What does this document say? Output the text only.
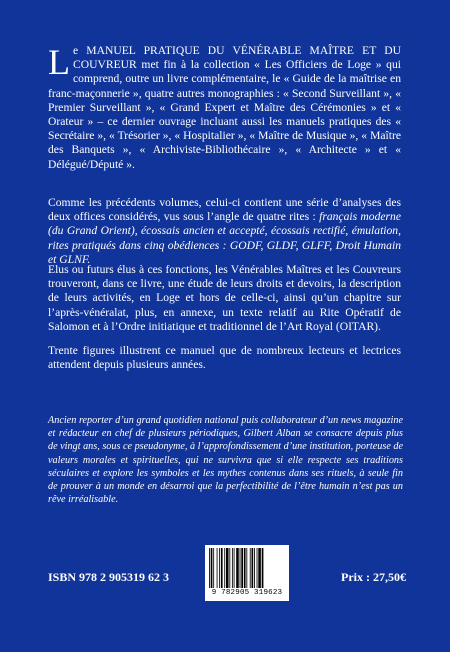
Le MANUEL PRATIQUE DU VÉNÉRABLE MAÎTRE ET DU COUVREUR met fin à la collection « Les Officiers de Loge » qui comprend, outre un livre complémentaire, le « Guide de la maîtrise en franc-maçonnerie », quatre autres monographies : « Second Surveillant », « Premier Surveillant », « Grand Expert et Maître des Cérémonies » et « Orateur » – ce dernier ouvrage incluant aussi les manuels pratiques des « Secrétaire », « Trésorier », « Hospitalier », « Maître de Musique », « Maître des Banquets », « Archiviste-Bibliothécaire », « Architecte » et « Délégué/Député ».

Comme les précédents volumes, celui-ci contient une série d’analyses des deux offices considérés, vus sous l’angle de quatre rites : français moderne (du Grand Orient), écossais ancien et accepté, écossais rectifié, émulation, rites pratiqués dans cinq obédiences : GODF, GLDF, GLFF, Droit Humain et GLNF.

Elus ou futurs élus à ces fonctions, les Vénérables Maîtres et les Couvreurs trouveront, dans ce livre, une étude de leurs droits et devoirs, la description de leurs activités, en Loge et hors de celle-ci, ainsi qu’un chapitre sur l’après-vénéralat, plus, en annexe, un texte relatif au Rite Opératif de Salomon et à l’Ordre initiatique et traditionnel de l’Art Royal (OITAR).

Trente figures illustrent ce manuel que de nombreux lecteurs et lectrices attendent depuis plusieurs années.

Ancien reporter d’un grand quotidien national puis collaborateur d’un news magazine et rédacteur en chef de plusieurs périodiques, Gilbert Alban se consacre depuis plus de vingt ans, sous ce pseudonyme, à l’approfondissement d’une institution, porteuse de valeurs morales et spirituelles, qui ne survivra que si elle respecte ses traditions séculaires et explore les symboles et les mythes contenus dans ses rituels, à seule fin de prouver à un monde en désarroi que la perfectibilité de l’être humain n’est pas un rêve irréalisable.

ISBN 978 2 905319 62 3
9 782905 319623
Prix : 27,50€
